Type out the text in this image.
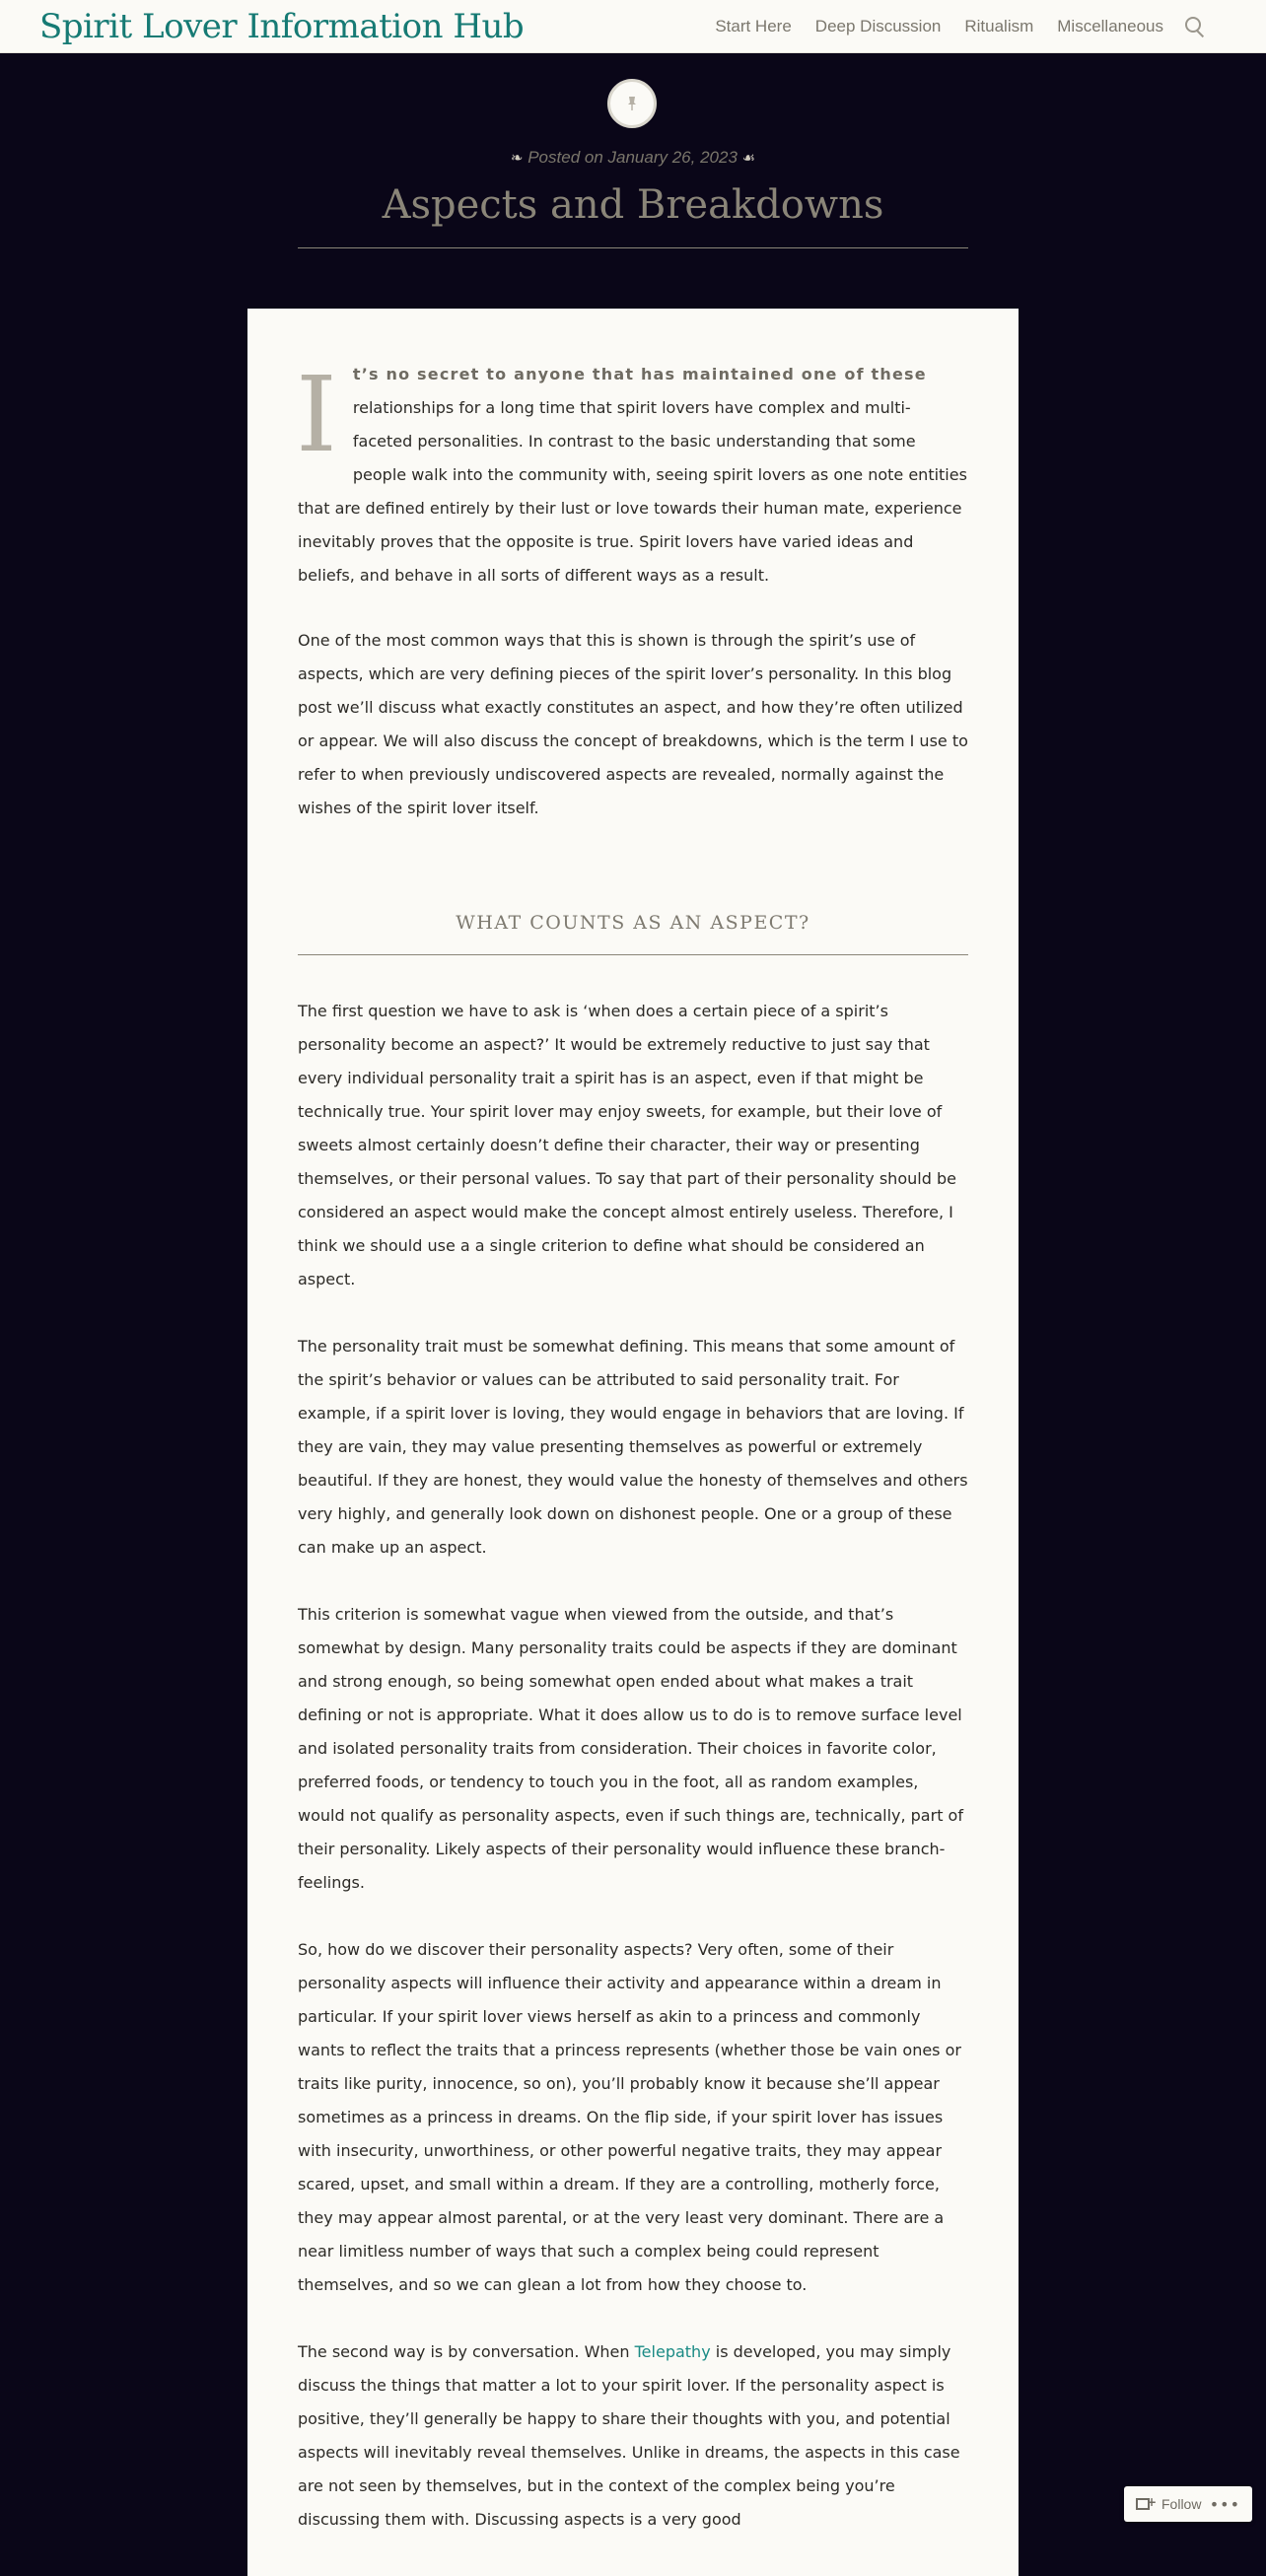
Spirit Lover Information Hub	Start Here Deep Discussion Ritualism Miscellaneous
❧ Posted on January 26, 2023 ☙
Aspects and Breakdowns

I t’s no secret to anyone that has maintained one of these relationships for a long time that spirit lovers have complex and multi-faceted personalities. In contrast to the basic understanding that some people walk into the community with, seeing spirit lovers as one note entities that are defined entirely by their lust or love towards their human mate, experience inevitably proves that the opposite is true. Spirit lovers have varied ideas and beliefs, and behave in all sorts of different ways as a result.

One of the most common ways that this is shown is through the spirit’s use of aspects, which are very defining pieces of the spirit lover’s personality. In this blog post we’ll discuss what exactly constitutes an aspect, and how they’re often utilized or appear. We will also discuss the concept of breakdowns, which is the term I use to refer to when previously undiscovered aspects are revealed, normally against the wishes of the spirit lover itself.

WHAT COUNTS AS AN ASPECT?

The first question we have to ask is ‘when does a certain piece of a spirit’s personality become an aspect?’ It would be extremely reductive to just say that every individual personality trait a spirit has is an aspect, even if that might be technically true. Your spirit lover may enjoy sweets, for example, but their love of sweets almost certainly doesn’t define their character, their way or presenting themselves, or their personal values. To say that part of their personality should be considered an aspect would make the concept almost entirely useless. Therefore, I think we should use a a single criterion to define what should be considered an aspect.

The personality trait must be somewhat defining. This means that some amount of the spirit’s behavior or values can be attributed to said personality trait. For example, if a spirit lover is loving, they would engage in behaviors that are loving. If they are vain, they may value presenting themselves as powerful or extremely beautiful. If they are honest, they would value the honesty of themselves and others very highly, and generally look down on dishonest people. One or a group of these can make up an aspect.

This criterion is somewhat vague when viewed from the outside, and that’s somewhat by design. Many personality traits could be aspects if they are dominant and strong enough, so being somewhat open ended about what makes a trait defining or not is appropriate. What it does allow us to do is to remove surface level and isolated personality traits from consideration. Their choices in favorite color, preferred foods, or tendency to touch you in the foot, all as random examples, would not qualify as personality aspects, even if such things are, technically, part of their personality. Likely aspects of their personality would influence these branch-feelings.

So, how do we discover their personality aspects? Very often, some of their personality aspects will influence their activity and appearance within a dream in particular. If your spirit lover views herself as akin to a princess and commonly wants to reflect the traits that a princess represents (whether those be vain ones or traits like purity, innocence, so on), you’ll probably know it because she’ll appear sometimes as a princess in dreams. On the flip side, if your spirit lover has issues with insecurity, unworthiness, or other powerful negative traits, they may appear scared, upset, and small within a dream. If they are a controlling, motherly force, they may appear almost parental, or at the very least very dominant. There are a near limitless number of ways that such a complex being could represent themselves, and so we can glean a lot from how they choose to.

The second way is by conversation. When Telepathy is developed, you may simply discuss the things that matter a lot to your spirit lover. If the personality aspect is positive, they’ll generally be happy to share their thoughts with you, and potential aspects will inevitably reveal themselves. Unlike in dreams, the aspects in this case are not seen by themselves, but in the context of the complex being you’re discussing them with. Discussing aspects is a very good

+ Follow •••
